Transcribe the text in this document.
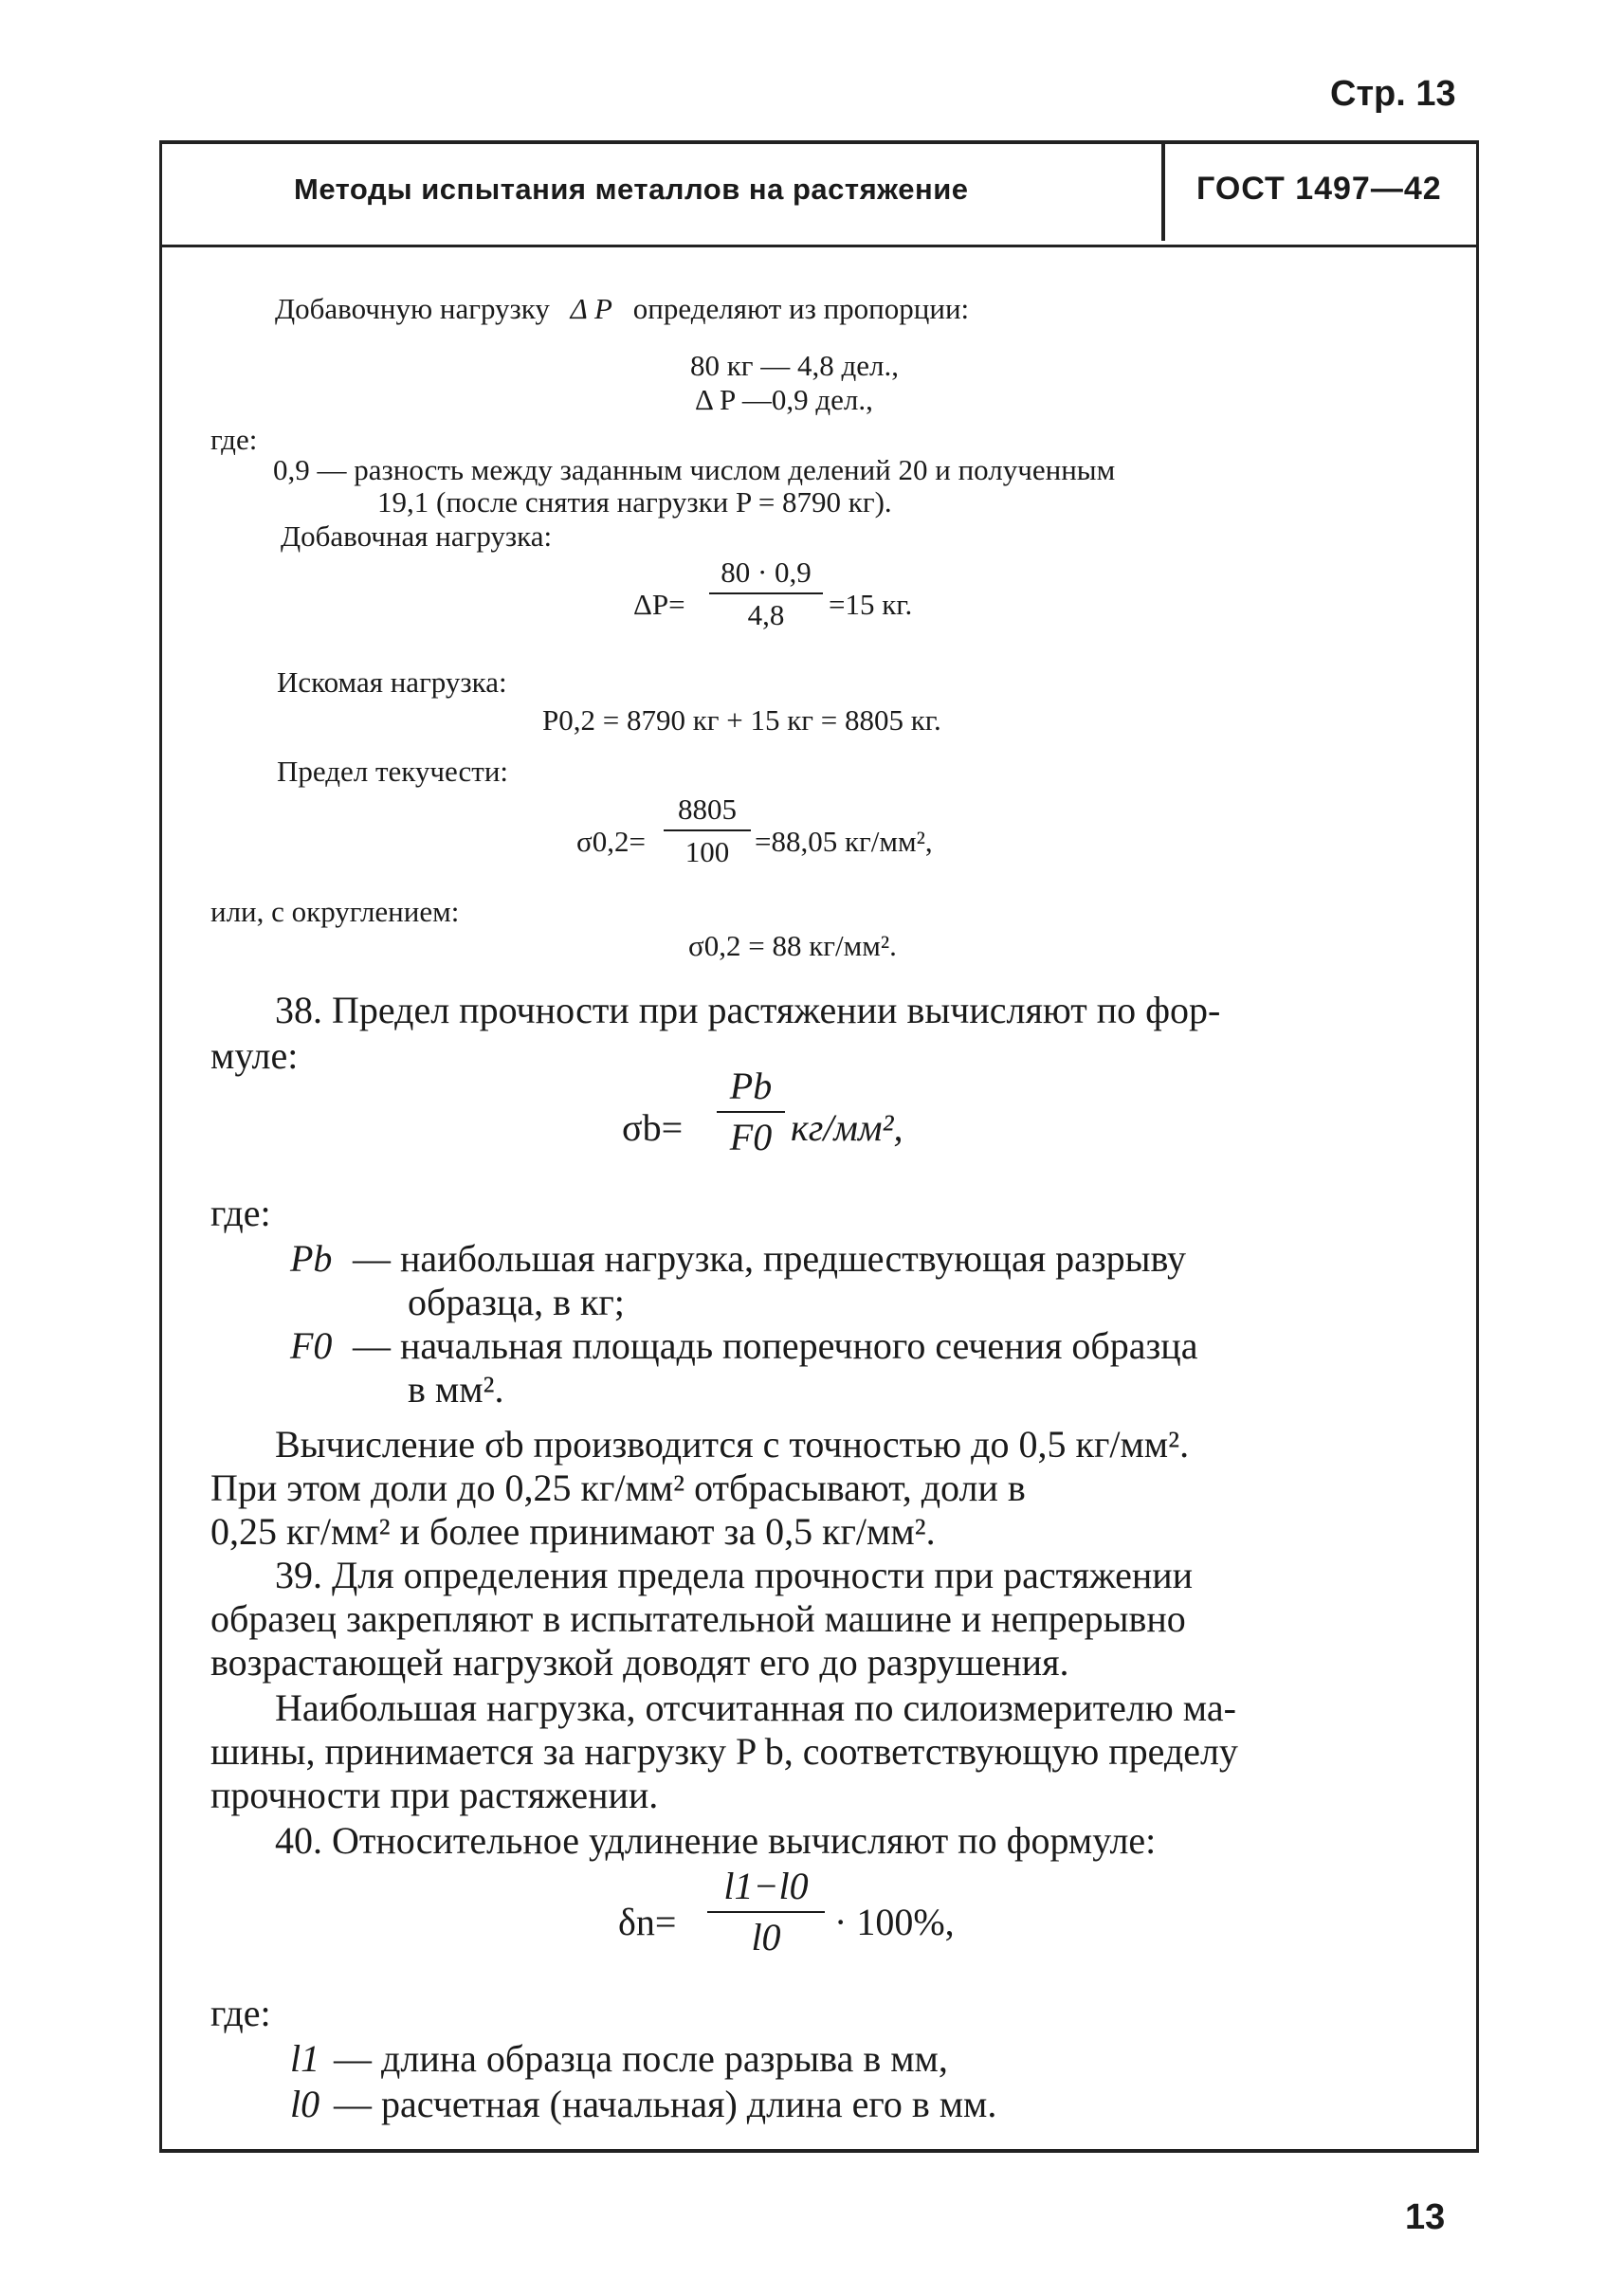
Стр. 13
Методы испытания металлов на растяжение	ГОСТ 1497—42
Добавочную нагрузку Δ P определяют из пропорции:
80 кг — 4,8 дел.,
Δ P —0,9 дел.,
где:
0,9 — разность между заданным числом делений 20 и полученным
19,1 (после снятия нагрузки P = 8790 кг).
Добавочная нагрузка:
ΔP=
80 · 0,9
4,8 =15 кг.
Искомая нагрузка:
P0,2 = 8790 кг + 15 кг = 8805 кг.
Предел текучести:
σ0,2=
8805
100 =88,05 кг/мм²,
или, с округлением:
σ0,2 = 88 кг/мм².
38. Предел прочности при растяжении вычисляют по фор-
муле:
σb=
Pb
F0 кг/мм²,
где:
Pb — наибольшая нагрузка, предшествующая разрыву
образца, в кг;
F0 — начальная площадь поперечного сечения образца
в мм².
Вычисление σb производится с точностью до 0,5 кг/мм².
При этом доли до 0,25 кг/мм² отбрасывают, доли в
0,25 кг/мм² и более принимают за 0,5 кг/мм².
39. Для определения предела прочности при растяжении
образец закрепляют в испытательной машине и непрерывно
возрастающей нагрузкой доводят его до разрушения.
Наибольшая нагрузка, отсчитанная по силоизмерителю ма-
шины, принимается за нагрузку P b, соответствующую пределу
прочности при растяжении.
40. Относительное удлинение вычисляют по формуле:
δn=
l1−l0
l0 · 100%,
где:
l1 — длина образца после разрыва в мм,
l0 — расчетная (начальная) длина его в мм.
13
